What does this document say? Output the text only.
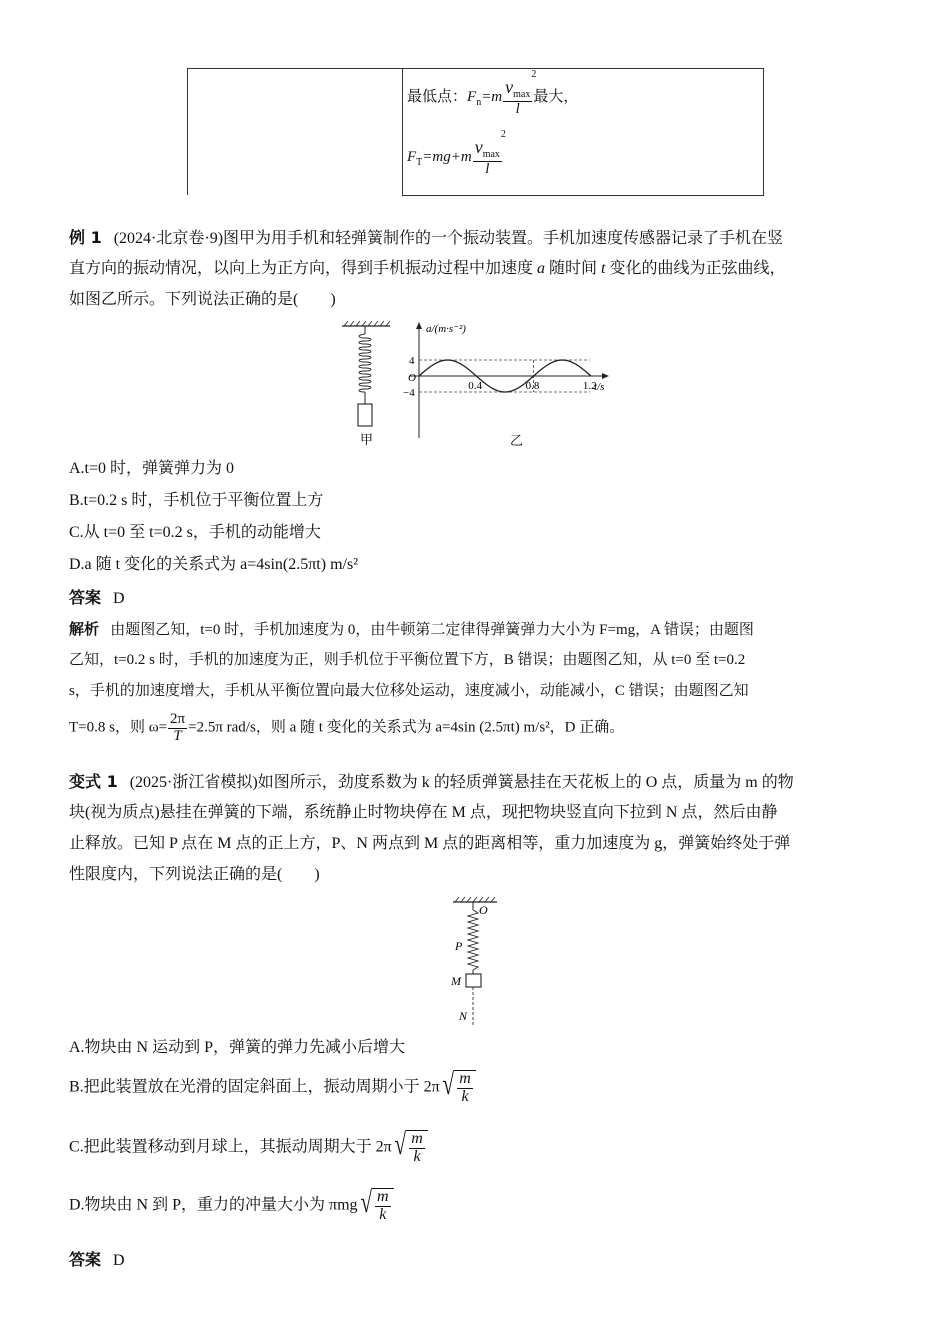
最低点：$F_n=m$ $v_{max}$
2
l 最大，
$F_T=mg+m$ $v_{max}$
2
l
例 1 (2024·北京卷·9)图甲为用手机和轻弹簧制作的一个振动装置。手机加速度传感器记录了手机在竖
直方向的振动情况，以向上为正方向，得到手机振动过程中加速度 a 随时间 t 变化的曲线为正弦曲线，
如图乙所示。下列说法正确的是(　　)
甲
a/(m·s⁻²)
t/s
O
4
−4
0.4	0.8	1.2
乙
A.t=0 时，弹簧弹力为 0
B.t=0.2 s 时，手机位于平衡位置上方
C.从 t=0 至 t=0.2 s，手机的动能增大
D.a 随 t 变化的关系式为 a=4sin(2.5πt) m/s²
答案 D
解析 由题图乙知，t=0 时，手机加速度为 0，由牛顿第二定律得弹簧弹力大小为 F=mg，A 错误；由题图
乙知，t=0.2 s 时，手机的加速度为正，则手机位于平衡位置下方，B 错误；由题图乙知，从 t=0 至 t=0.2
s，手机的加速度增大，手机从平衡位置向最大位移处运动，速度减小，动能减小，C 错误；由题图乙知
T=0.8 s，则 $\omega= \frac{2\pi}{T} =2.5\pi$ rad/s，则 a 随 t 变化的关系式为 a=4sin (2.5πt) m/s²，D 正确。
变式 1 (2025·浙江省模拟)如图所示，劲度系数为 k 的轻质弹簧悬挂在天花板上的 O 点，质量为 m 的物
块(视为质点)悬挂在弹簧的下端，系统静止时物块停在 M 点，现把物块竖直向下拉到 N 点，然后由静
止释放。已知 P 点在 M 点的正上方，P、N 两点到 M 点的距离相等，重力加速度为 g，弹簧始终处于弹
性限度内，下列说法正确的是(　　)
O
P
M
N
A.物块由 N 运动到 P，弹簧的弹力先减小后增大
B.把此装置放在光滑的固定斜面上，振动周期小于 2π √ $\frac{m}{k}$
C.把此装置移动到月球上，其振动周期大于 2π √ $\frac{m}{k}$
D.物块由 N 到 P，重力的冲量大小为 πmg √ $\frac{m}{k}$
答案 D
